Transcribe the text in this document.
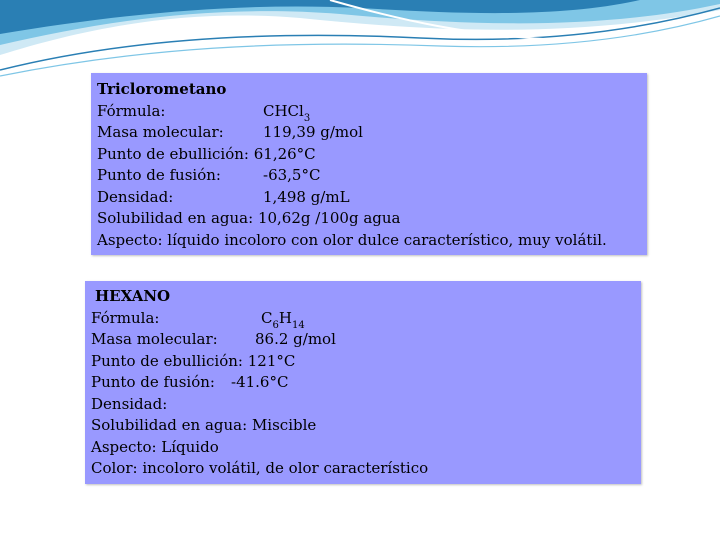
Triclorometano
Fórmula:	CHCl$_3$
Masa molecular:	119,39 g/mol
Punto de ebullición: 61,26°C
Punto de fusión:	-63,5°C
Densidad:	1,498 g/mL
Solubilidad en agua: 10,62g /100g agua
Aspecto: líquido incoloro con olor dulce característico, muy volátil.
HEXANO
Fórmula:	$C_6H_{14}$
Masa molecular: 86.2 g/mol
Punto de ebullición: 121°C
Punto de fusión: -41.6°C
Densidad:
Solubilidad en agua: Miscible
Aspecto: Líquido
Color: incoloro volátil, de olor característico
